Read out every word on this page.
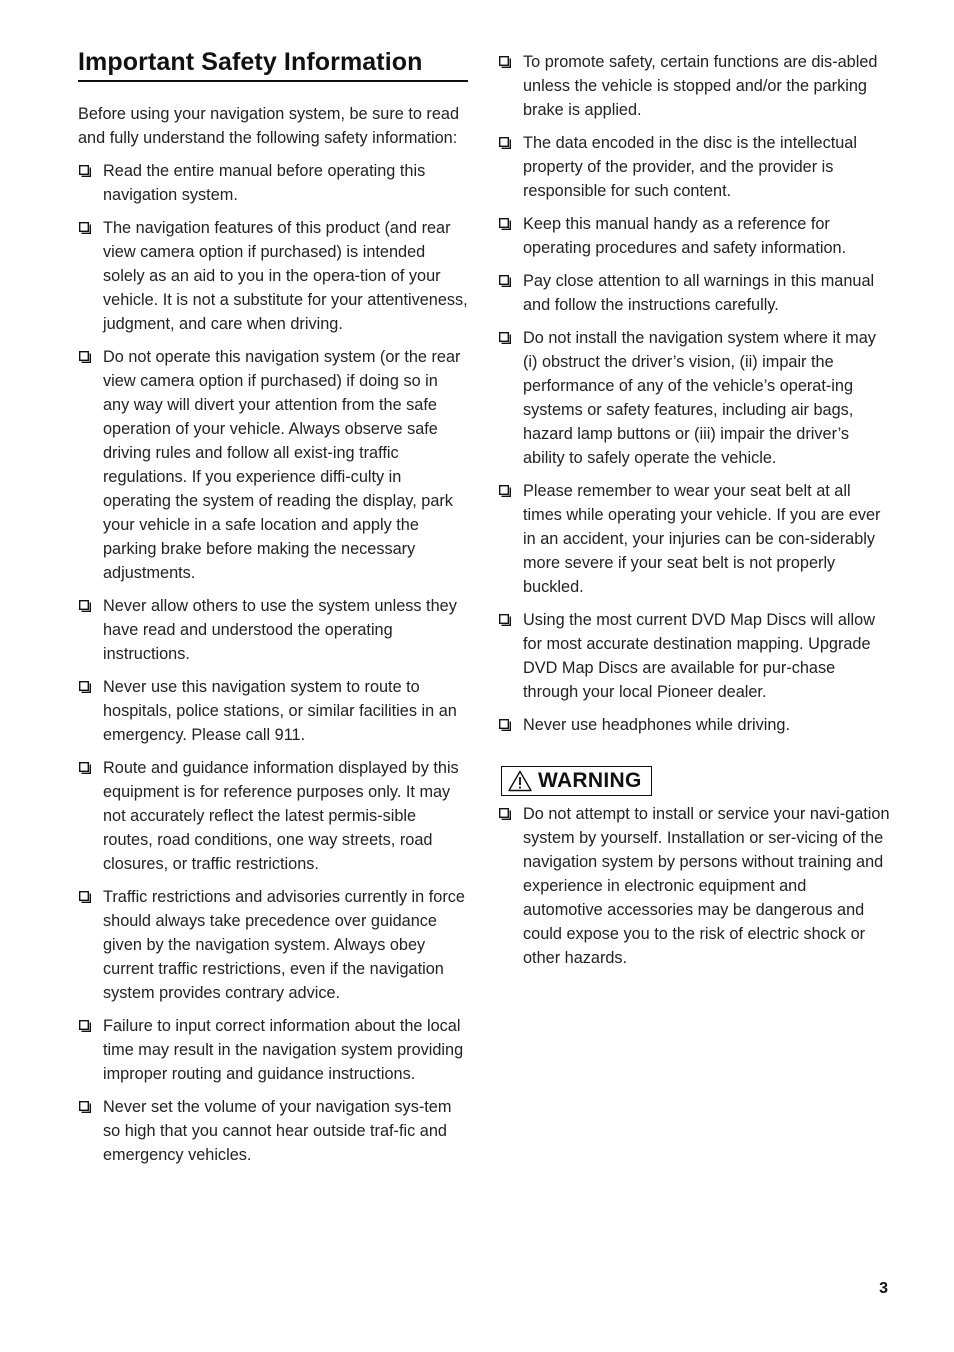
Important Safety Information

Before using your navigation system, be sure to read and fully understand the following safety information:

Read the entire manual before operating this navigation system.
The navigation features of this product (and rear view camera option if purchased) is intended solely as an aid to you in the opera-tion of your vehicle. It is not a substitute for your attentiveness, judgment, and care when driving.
Do not operate this navigation system (or the rear view camera option if purchased) if doing so in any way will divert your attention from the safe operation of your vehicle. Always observe safe driving rules and follow all exist-ing traffic regulations. If you experience diffi-culty in operating the system of reading the display, park your vehicle in a safe location and apply the parking brake before making the necessary adjustments.
Never allow others to use the system unless they have read and understood the operating instructions.
Never use this navigation system to route to hospitals, police stations, or similar facilities in an emergency. Please call 911.
Route and guidance information displayed by this equipment is for reference purposes only. It may not accurately reflect the latest permis-sible routes, road conditions, one way streets, road closures, or traffic restrictions.
Traffic restrictions and advisories currently in force should always take precedence over guidance given by the navigation system. Always obey current traffic restrictions, even if the navigation system provides contrary advice.
Failure to input correct information about the local time may result in the navigation system providing improper routing and guidance instructions.
Never set the volume of your navigation sys-tem so high that you cannot hear outside traf-fic and emergency vehicles.
To promote safety, certain functions are dis-abled unless the vehicle is stopped and/or the parking brake is applied.
The data encoded in the disc is the intellectual property of the provider, and the provider is responsible for such content.
Keep this manual handy as a reference for operating procedures and safety information.
Pay close attention to all warnings in this manual and follow the instructions carefully.
Do not install the navigation system where it may (i) obstruct the driver’s vision, (ii) impair the performance of any of the vehicle’s operat-ing systems or safety features, including air bags, hazard lamp buttons or (iii) impair the driver’s ability to safely operate the vehicle.
Please remember to wear your seat belt at all times while operating your vehicle. If you are ever in an accident, your injuries can be con-siderably more severe if your seat belt is not properly buckled.
Using the most current DVD Map Discs will allow for most accurate destination mapping. Upgrade DVD Map Discs are available for pur-chase through your local Pioneer dealer.
Never use headphones while driving.
WARNING
Do not attempt to install or service your navi-gation system by yourself. Installation or ser-vicing of the navigation system by persons without training and experience in electronic equipment and automotive accessories may be dangerous and could expose you to the risk of electric shock or other hazards.
3
